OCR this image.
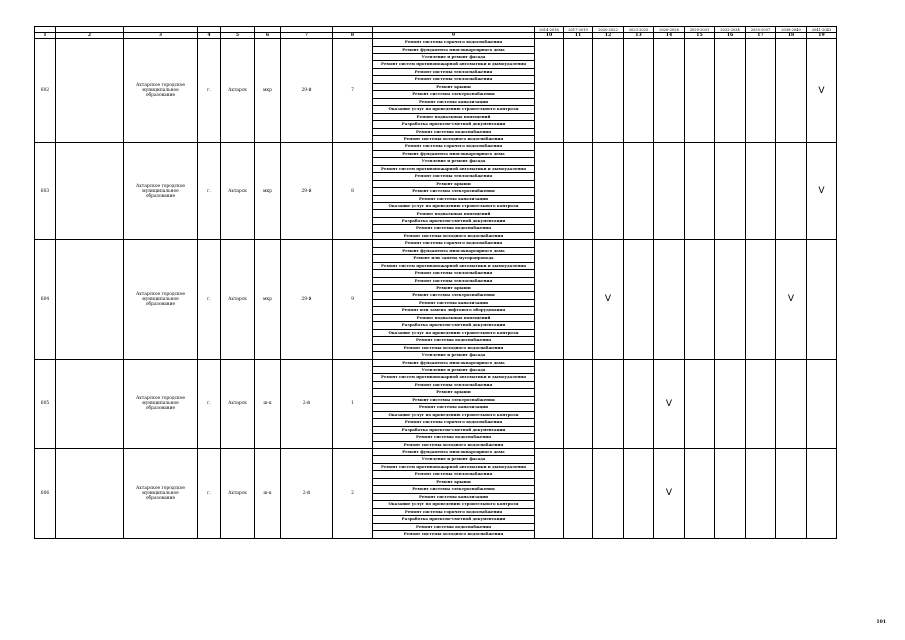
									2014-2016	2017-2019	2020-2022	2023-2025	2026-2028	2029-2031	2032-2034	2035-2037	2038-2040	2041-2043
1	2	3	4	5	6	7	8	9	10	11	12	13	14	15	16	17	18	19
602		Ахтарское городское муниципальное образование	г.	Ахтарск	мкр	29-й	7	Ремонт системы горячего водоснабжения										V
								Ремонт фундамента многоквартирного дома										
								Утепление и ремонт фасада										
								Ремонт систем противопожарной автоматики и дымоудаления										
								Ремонт системы теплоснабжения										
								Ремонт системы теплоснабжения										
								Ремонт крыши										
								Ремонт системы электроснабжения										
								Ремонт системы канализации										
								Оказание услуг по проведению строительного контроля										
								Ремонт подвальных помещений										
								Разработка проектно-сметной документации										
								Ремонт системы водоснабжения										
								Ремонт системы холодного водоснабжения										
603		Ахтарское городское муниципальное образование	г.	Ахтарск	мкр	29-й	8	Ремонт системы горячего водоснабжения										V
								Ремонт фундамента многоквартирного дома										
								Утепление и ремонт фасада										
								Ремонт систем противопожарной автоматики и дымоудаления										
								Ремонт системы теплоснабжения										
								Ремонт крыши										
								Ремонт системы электроснабжения										
								Ремонт системы канализации										
								Оказание услуг по проведению строительного контроля										
								Ремонт подвальных помещений										
								Разработка проектно-сметной документации										
								Ремонт системы водоснабжения										
								Ремонт системы холодного водоснабжения										
604		Ахтарское городское муниципальное образование	г.	Ахтарск	мкр	29-й	9	Ремонт системы горячего водоснабжения			V						V	
								Ремонт фундамента многоквартирного дома										
								Ремонт или замена мусоропровода										
								Ремонт систем противопожарной автоматики и дымоудаления										
								Ремонт системы теплоснабжения										
								Ремонт системы теплоснабжения										
								Ремонт крыши										
								Ремонт системы электроснабжения										
								Ремонт системы канализации										
								Ремонт или замена лифтового оборудования										
								Ремонт подвальных помещений										
								Разработка проектно-сметной документации										
								Оказание услуг по проведению строительного контроля										
								Ремонт системы водоснабжения										
								Ремонт системы холодного водоснабжения										
								Утепление и ремонт фасада										
605		Ахтарское городское муниципальное образование	г.	Ахтарск	ш-к	2-й	1	Ремонт фундамента многоквартирного дома					V					
								Утепление и ремонт фасада										
								Ремонт систем противопожарной автоматики и дымоудаления										
								Ремонт системы теплоснабжения										
								Ремонт крыши										
								Ремонт системы электроснабжения										
								Ремонт системы канализации										
								Оказание услуг по проведению строительного контроля										
								Ремонт системы горячего водоснабжения										
								Разработка проектно-сметной документации										
								Ремонт системы водоснабжения										
								Ремонт системы холодного водоснабжения										
606		Ахтарское городское муниципальное образование	г.	Ахтарск	ш-к	2-й	2	Ремонт фундамента многоквартирного дома					V					
								Утепление и ремонт фасада										
								Ремонт систем противопожарной автоматики и дымоудаления										
								Ремонт системы теплоснабжения										
								Ремонт крыши										
								Ремонт системы электроснабжения										
								Ремонт системы канализации										
								Оказание услуг по проведению строительного контроля										
								Ремонт системы горячего водоснабжения										
								Разработка проектно-сметной документации										
								Ремонт системы водоснабжения										
								Ремонт системы холодного водоснабжения										
101
